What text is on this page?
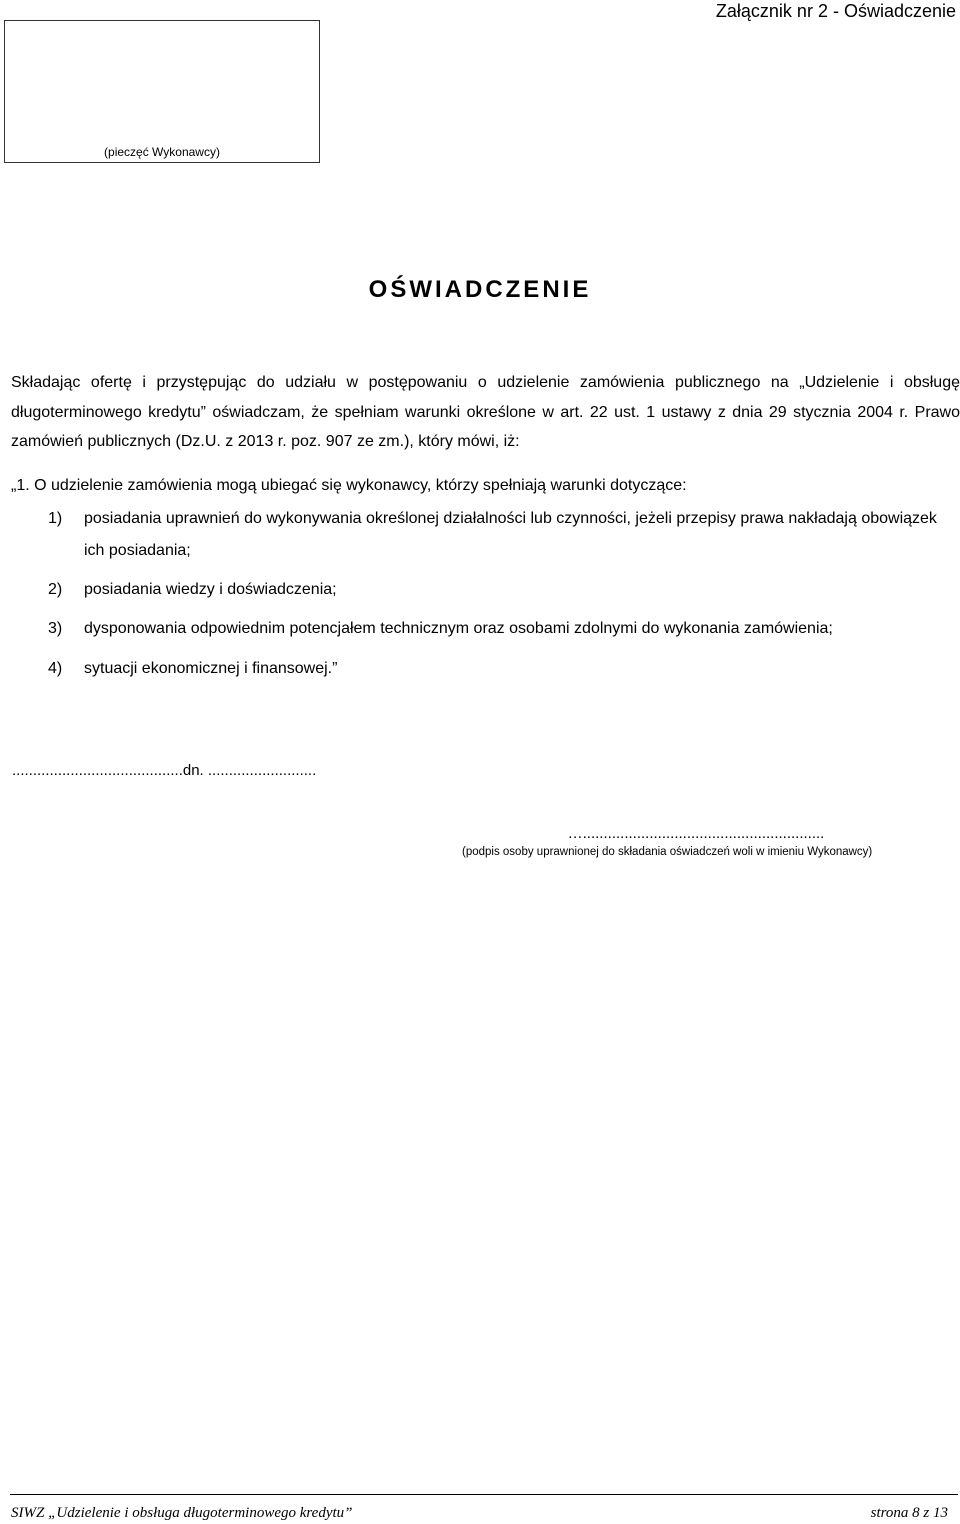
Załącznik nr 2 - Oświadczenie
(pieczęć Wykonawcy)
OŚWIADCZENIE
Składając ofertę i przystępując do udziału w postępowaniu o udzielenie zamówienia publicznego na „Udzielenie i obsługę długoterminowego kredytu” oświadczam, że spełniam warunki określone w art. 22 ust. 1 ustawy z dnia 29 stycznia 2004 r. Prawo zamówień publicznych (Dz.U. z 2013 r. poz. 907 ze zm.), który mówi, iż:
„1. O udzielenie zamówienia mogą ubiegać się wykonawcy, którzy spełniają warunki dotyczące:
1)	posiadania uprawnień do wykonywania określonej działalności lub czynności, jeżeli przepisy prawa nakładają obowiązek ich posiadania;
2)	posiadania wiedzy i doświadczenia;
3)	dysponowania odpowiednim potencjałem technicznym oraz osobami zdolnymi do wykonania zamówienia;
4)	sytuacji ekonomicznej i finansowej.”
.........................................dn. ..........................
…..........................................................
(podpis osoby uprawnionej do składania oświadczeń woli w imieniu Wykonawcy)
SIWZ „Udzielenie i obsługa długoterminowego kredytu”	strona 8 z 13
